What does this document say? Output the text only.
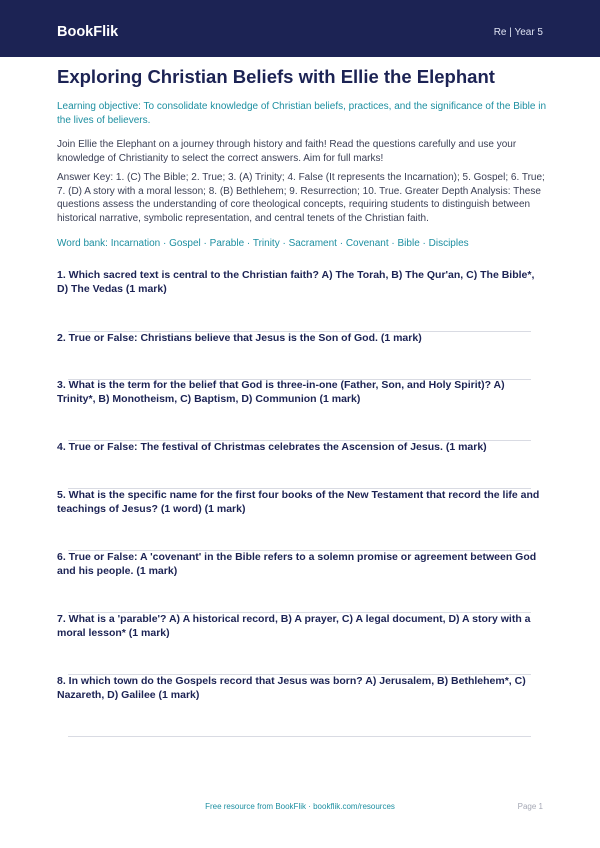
BookFlik	Re | Year 5
Exploring Christian Beliefs with Ellie the Elephant

Learning objective: To consolidate knowledge of Christian beliefs, practices, and the significance of the Bible in the lives of believers.

Join Ellie the Elephant on a journey through history and faith! Read the questions carefully and use your knowledge of Christianity to select the correct answers. Aim for full marks!

Answer Key: 1. (C) The Bible; 2. True; 3. (A) Trinity; 4. False (It represents the Incarnation); 5. Gospel; 6. True; 7. (D) A story with a moral lesson; 8. (B) Bethlehem; 9. Resurrection; 10. True. Greater Depth Analysis: These questions assess the understanding of core theological concepts, requiring students to distinguish between historical narrative, symbolic representation, and central tenets of the Christian faith.

Word bank: Incarnation · Gospel · Parable · Trinity · Sacrament · Covenant · Bible · Disciples

1. Which sacred text is central to the Christian faith? A) The Torah, B) The Qur'an, C) The Bible*, D) The Vedas (1 mark)

2. True or False: Christians believe that Jesus is the Son of God. (1 mark)

3. What is the term for the belief that God is three-in-one (Father, Son, and Holy Spirit)? A) Trinity*, B) Monotheism, C) Baptism, D) Communion (1 mark)

4. True or False: The festival of Christmas celebrates the Ascension of Jesus. (1 mark)

5. What is the specific name for the first four books of the New Testament that record the life and teachings of Jesus? (1 word) (1 mark)

6. True or False: A 'covenant' in the Bible refers to a solemn promise or agreement between God and his people. (1 mark)

7. What is a 'parable'? A) A historical record, B) A prayer, C) A legal document, D) A story with a moral lesson* (1 mark)

8. In which town do the Gospels record that Jesus was born? A) Jerusalem, B) Bethlehem*, C) Nazareth, D) Galilee (1 mark)

Free resource from BookFlik · bookflik.com/resources	Page 1
